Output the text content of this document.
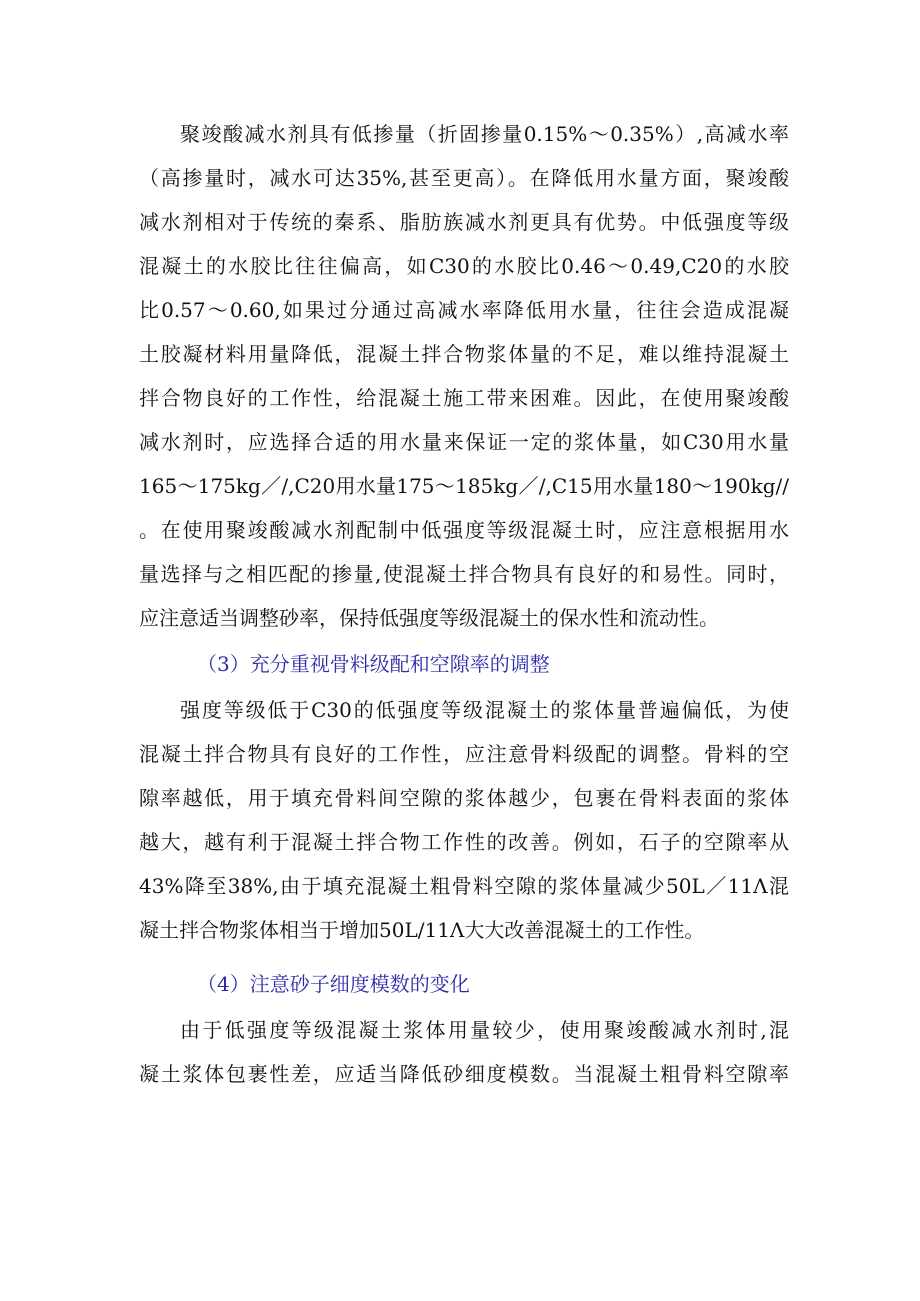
聚竣酸减水剂具有低掺量（折固掺量0.15%～0.35%）,高减水率
（高掺量时，减水可达35%,甚至更高）。在降低用水量方面，聚竣酸
减水剂相对于传统的秦系、脂肪族减水剂更具有优势。中低强度等级
混凝土的水胶比往往偏高，如C30的水胶比0.46～0.49,C20的水胶
比0.57～0.60,如果过分通过高减水率降低用水量，往往会造成混凝
土胶凝材料用量降低，混凝土拌合物浆体量的不足，难以维持混凝土
拌合物良好的工作性，给混凝土施工带来困难。因此，在使用聚竣酸
减水剂时，应选择合适的用水量来保证一定的浆体量，如C30用水量
165～175kg／/,C20用水量175～185kg／/,C15用水量180～190kg//
。在使用聚竣酸减水剂配制中低强度等级混凝土时，应注意根据用水
量选择与之相匹配的掺量,使混凝土拌合物具有良好的和易性。同时，
应注意适当调整砂率，保持低强度等级混凝土的保水性和流动性。
（3）充分重视骨料级配和空隙率的调整
强度等级低于C30的低强度等级混凝土的浆体量普遍偏低，为使
混凝土拌合物具有良好的工作性，应注意骨料级配的调整。骨料的空
隙率越低，用于填充骨料间空隙的浆体越少，包裹在骨料表面的浆体
越大，越有利于混凝土拌合物工作性的改善。例如，石子的空隙率从
43%降至38%,由于填充混凝土粗骨料空隙的浆体量减少50L／11Λ混
凝土拌合物浆体相当于增加50L/11Λ大大改善混凝土的工作性。
（4）注意砂子细度模数的变化
由于低强度等级混凝土浆体用量较少，使用聚竣酸减水剂时,混
凝土浆体包裹性差，应适当降低砂细度模数。当混凝土粗骨料空隙率
